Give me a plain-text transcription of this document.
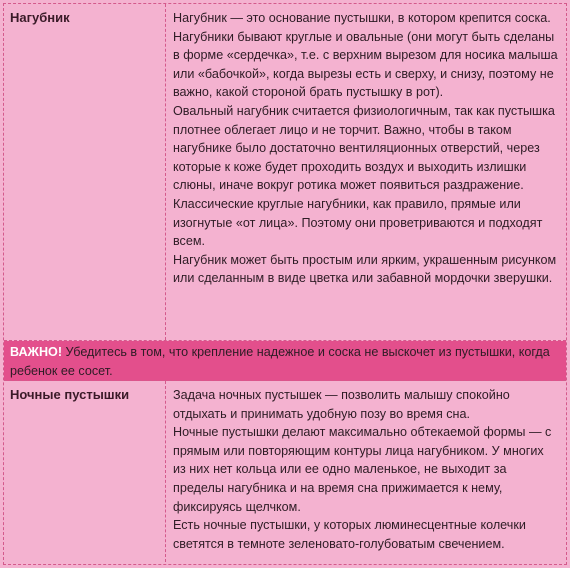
Нагубник	Нагубник — это основание пустышки, в котором крепится соска.

Нагубники бывают круглые и овальные (они могут быть сделаны в форме «сердечка», т.е. с верхним вырезом для носика малыша или «бабочкой», когда вырезы есть и сверху, и снизу, поэтому не важно, какой стороной брать пустышку в рот).

Овальный нагубник считается физиологичным, так как пустышка плотнее облегает лицо и не торчит. Важно, чтобы в таком нагубнике было достаточно вентиляционных отверстий, через которые к коже будет проходить воздух и выходить излишки слюны, иначе вокруг ротика может появиться раздражение.

Классические круглые нагубники, как правило, прямые или изогнутые «от лица». Поэтому они проветриваются и подходят всем.

Нагубник может быть простым или ярким, украшенным рисунком или сделанным в виде цветка или забавной мордочки зверушки.

ВАЖНО! Убедитесь в том, что крепление надежное и соска не выскочет из пустышки, когда ребенок ее сосет.
Ночные пустышки	Задача ночных пустышек — позволить малышу спокойно отдыхать и принимать удобную позу во время сна.

Ночные пустышки делают максимально обтекаемой формы — с прямым или повторяющим контуры лица нагубником. У многих из них нет кольца или ее одно маленькое, не выходит за пределы нагубника и на время сна прижимается к нему, фиксируясь щелчком.

Есть ночные пустышки, у которых люминесцентные колечки светятся в темноте зеленовато-голубоватым свечением.
